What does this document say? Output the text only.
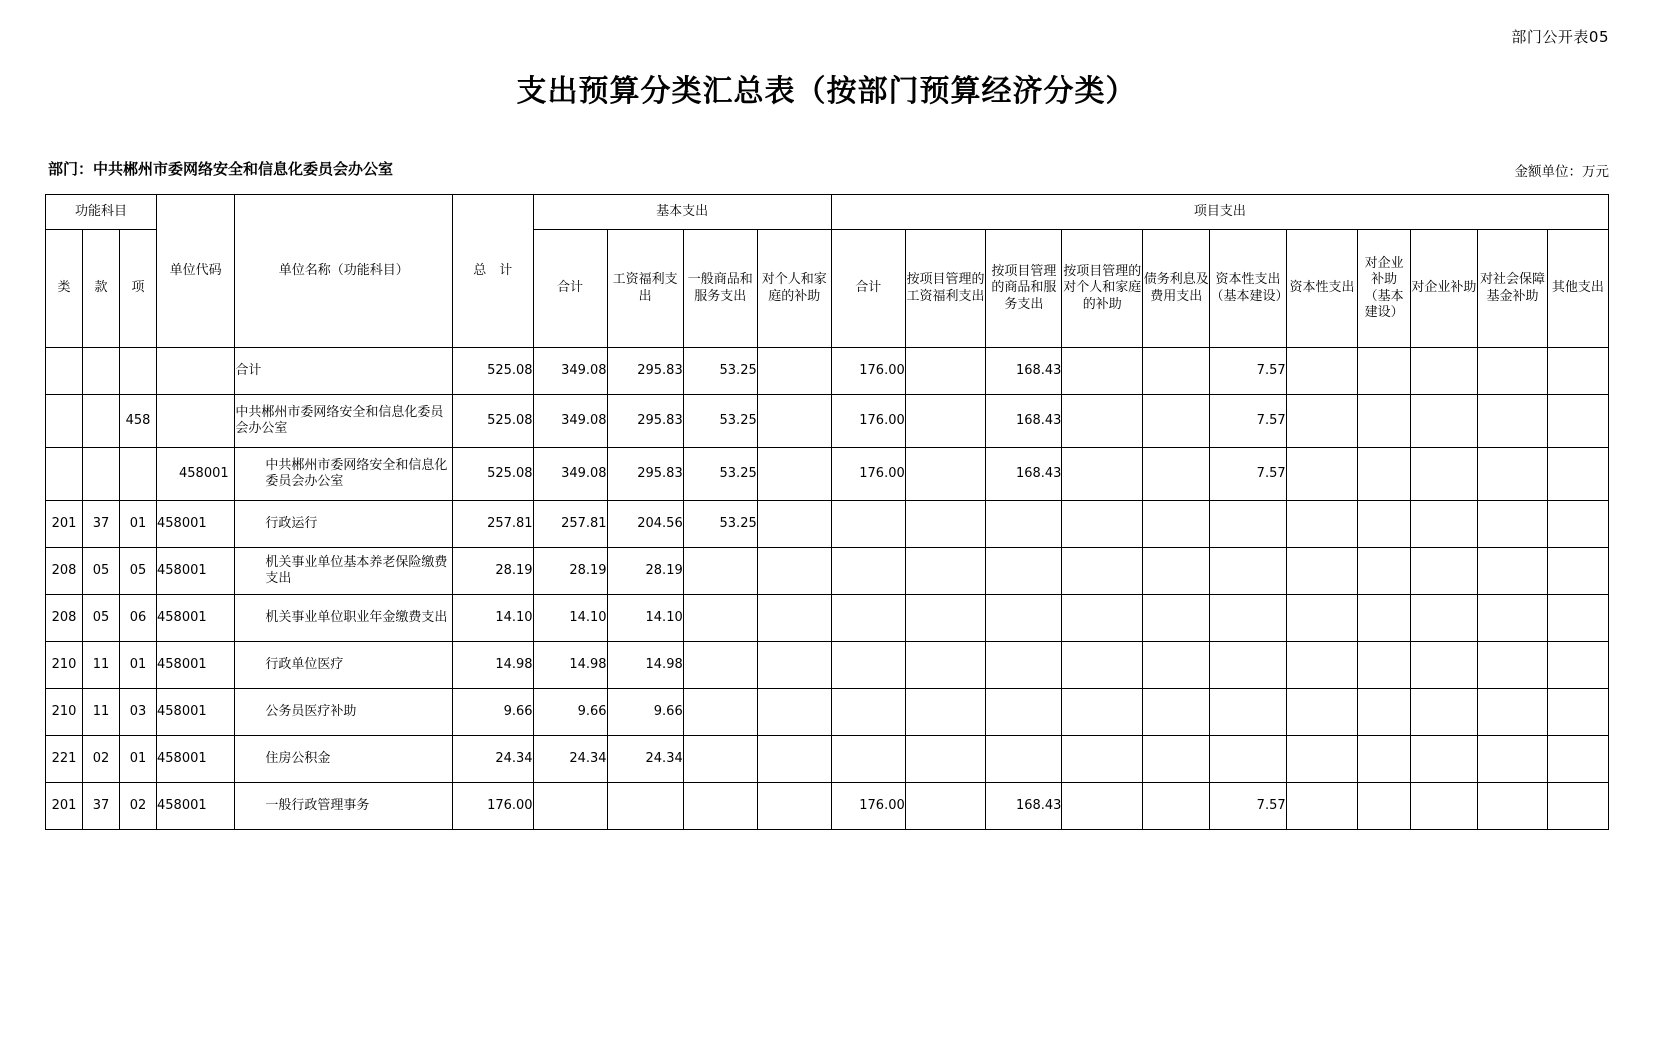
部门公开表05
支出预算分类汇总表（按部门预算经济分类）
部门：中共郴州市委网络安全和信息化委员会办公室	金额单位：万元
功能科目			单位代码	单位名称（功能科目）	总　计	基本支出				项目支出										
类	款	项				合计	工资福利支出	一般商品和服务支出	对个人和家庭的补助	合计	按项目管理的工资福利支出	按项目管理的商品和服务支出	按项目管理的对个人和家庭的补助	债务利息及费用支出	资本性支出（基本建设）	资本性支出	对企业补助（基本建设）	对企业补助	对社会保障基金补助	其他支出
				合计	525.08	349.08	295.83	53.25		176.00		168.43			7.57					
		458		中共郴州市委网络安全和信息化委员会办公室	525.08	349.08	295.83	53.25		176.00		168.43			7.57					
			458001	中共郴州市委网络安全和信息化委员会办公室	525.08	349.08	295.83	53.25		176.00		168.43			7.57					
201	37	01	458001	行政运行	257.81	257.81	204.56	53.25												
208	05	05	458001	机关事业单位基本养老保险缴费支出	28.19	28.19	28.19													
208	05	06	458001	机关事业单位职业年金缴费支出	14.10	14.10	14.10													
210	11	01	458001	行政单位医疗	14.98	14.98	14.98													
210	11	03	458001	公务员医疗补助	9.66	9.66	9.66													
221	02	01	458001	住房公积金	24.34	24.34	24.34													
201	37	02	458001	一般行政管理事务	176.00					176.00		168.43			7.57					
